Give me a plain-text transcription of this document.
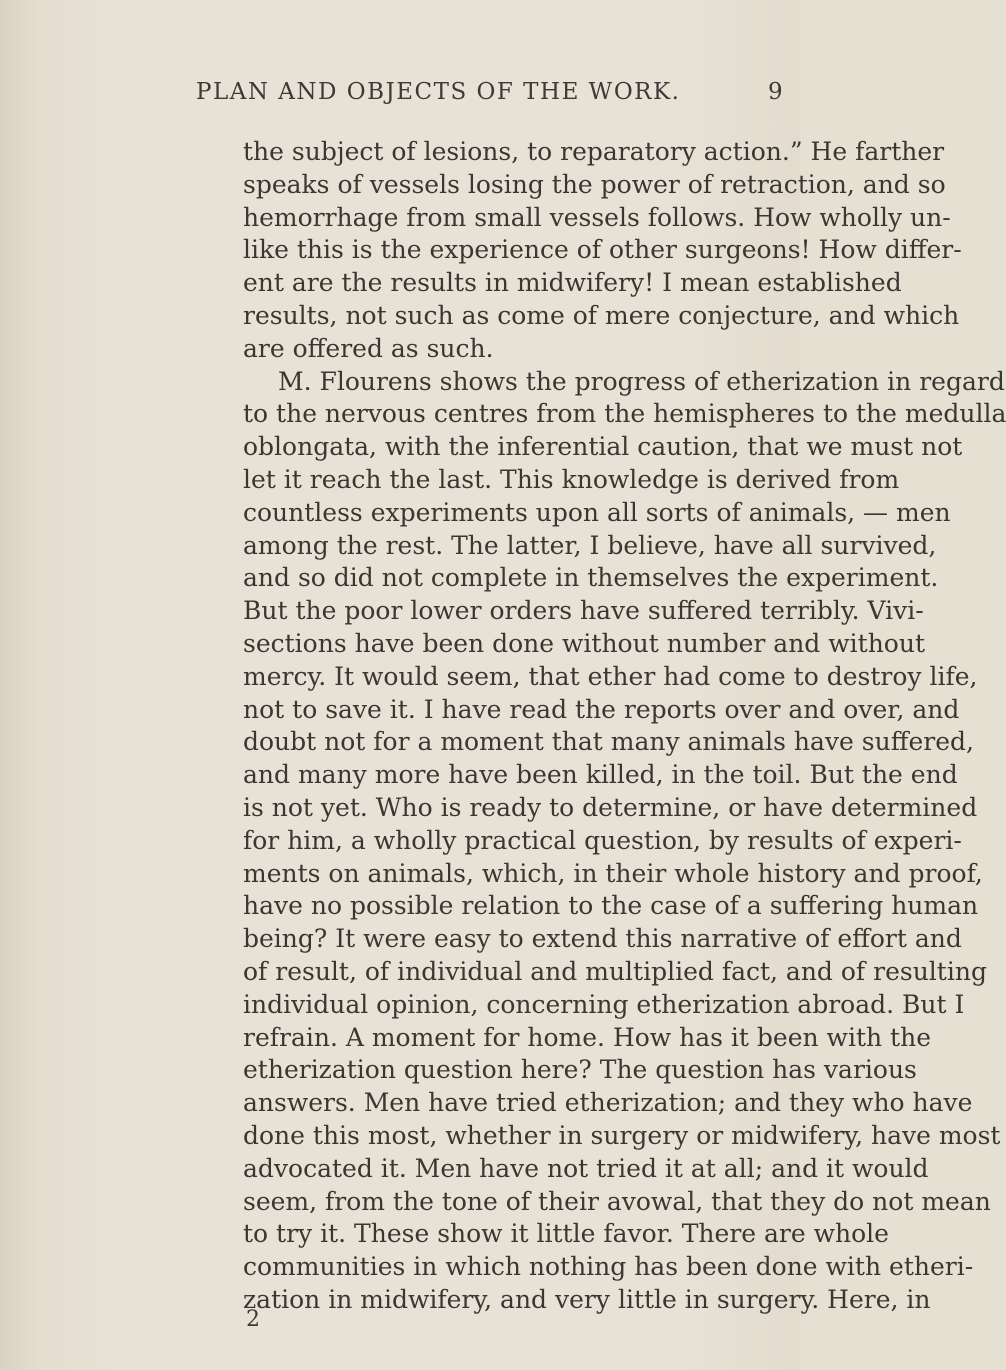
PLAN AND OBJECTS OF THE WORK.	9
the subject of lesions, to reparatory action.” He farther
speaks of vessels losing the power of retraction, and so
hemorrhage from small vessels follows. How wholly un-
like this is the experience of other surgeons! How differ-
ent are the results in midwifery! I mean established
results, not such as come of mere conjecture, and which
are offered as such.
M. Flourens shows the progress of etherization in regard
to the nervous centres from the hemispheres to the medulla
oblongata, with the inferential caution, that we must not
let it reach the last. This knowledge is derived from
countless experiments upon all sorts of animals, — men
among the rest. The latter, I believe, have all survived,
and so did not complete in themselves the experiment.
But the poor lower orders have suffered terribly. Vivi-
sections have been done without number and without
mercy. It would seem, that ether had come to destroy life,
not to save it. I have read the reports over and over, and
doubt not for a moment that many animals have suffered,
and many more have been killed, in the toil. But the end
is not yet. Who is ready to determine, or have determined
for him, a wholly practical question, by results of experi-
ments on animals, which, in their whole history and proof,
have no possible relation to the case of a suffering human
being? It were easy to extend this narrative of effort and
of result, of individual and multiplied fact, and of resulting
individual opinion, concerning etherization abroad. But I
refrain. A moment for home. How has it been with the
etherization question here? The question has various
answers. Men have tried etherization; and they who have
done this most, whether in surgery or midwifery, have most
advocated it. Men have not tried it at all; and it would
seem, from the tone of their avowal, that they do not mean
to try it. These show it little favor. There are whole
communities in which nothing has been done with etheri-
zation in midwifery, and very little in surgery. Here, in
2
